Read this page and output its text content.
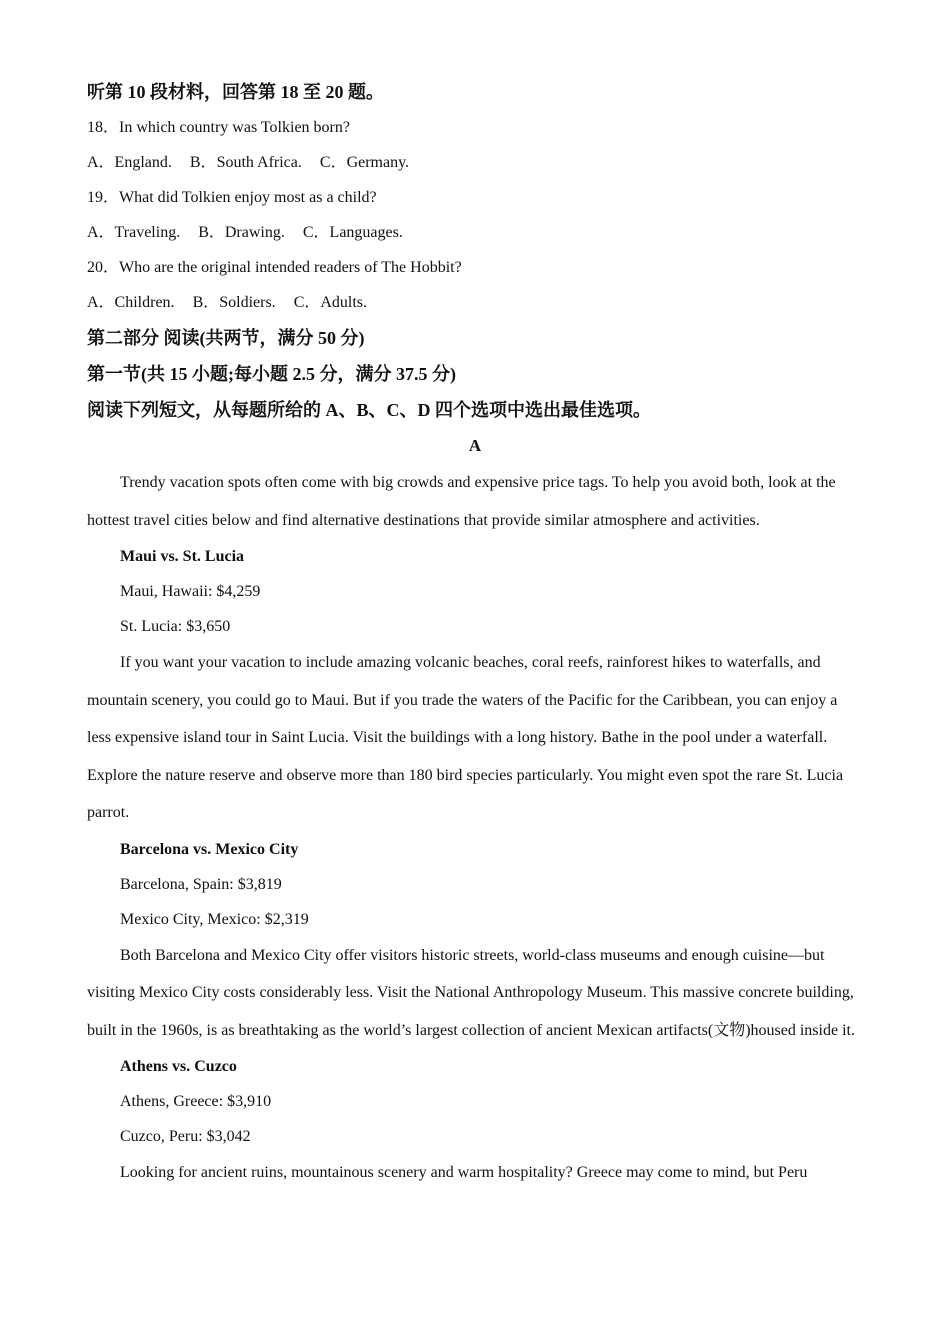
听第 10 段材料，回答第 18 至 20 题。
18．In which country was Tolkien born?
A．England. B．South Africa. C．Germany.
19．What did Tolkien enjoy most as a child?
A．Traveling. B．Drawing. C．Languages.
20．Who are the original intended readers of The Hobbit?
A．Children. B．Soldiers. C．Adults.
第二部分 阅读(共两节，满分 50 分)
第一节(共 15 小题;每小题 2.5 分，满分 37.5 分)
阅读下列短文，从每题所给的 A、B、C、D 四个选项中选出最佳选项。
A
Trendy vacation spots often come with big crowds and expensive price tags. To help you avoid both, look at the hottest travel cities below and find alternative destinations that provide similar atmosphere and activities.
Maui vs. St. Lucia
Maui, Hawaii: $4,259
St. Lucia: $3,650
If you want your vacation to include amazing volcanic beaches, coral reefs, rainforest hikes to waterfalls, and mountain scenery, you could go to Maui. But if you trade the waters of the Pacific for the Caribbean, you can enjoy a less expensive island tour in Saint Lucia. Visit the buildings with a long history. Bathe in the pool under a waterfall. Explore the nature reserve and observe more than 180 bird species particularly. You might even spot the rare St. Lucia parrot.
Barcelona vs. Mexico City
Barcelona, Spain: $3,819
Mexico City, Mexico: $2,319
Both Barcelona and Mexico City offer visitors historic streets, world-class museums and enough cuisine—but visiting Mexico City costs considerably less. Visit the National Anthropology Museum. This massive concrete building, built in the 1960s, is as breathtaking as the world’s largest collection of ancient Mexican artifacts(文物)housed inside it.
Athens vs. Cuzco
Athens, Greece: $3,910
Cuzco, Peru: $3,042
Looking for ancient ruins, mountainous scenery and warm hospitality? Greece may come to mind, but Peru
